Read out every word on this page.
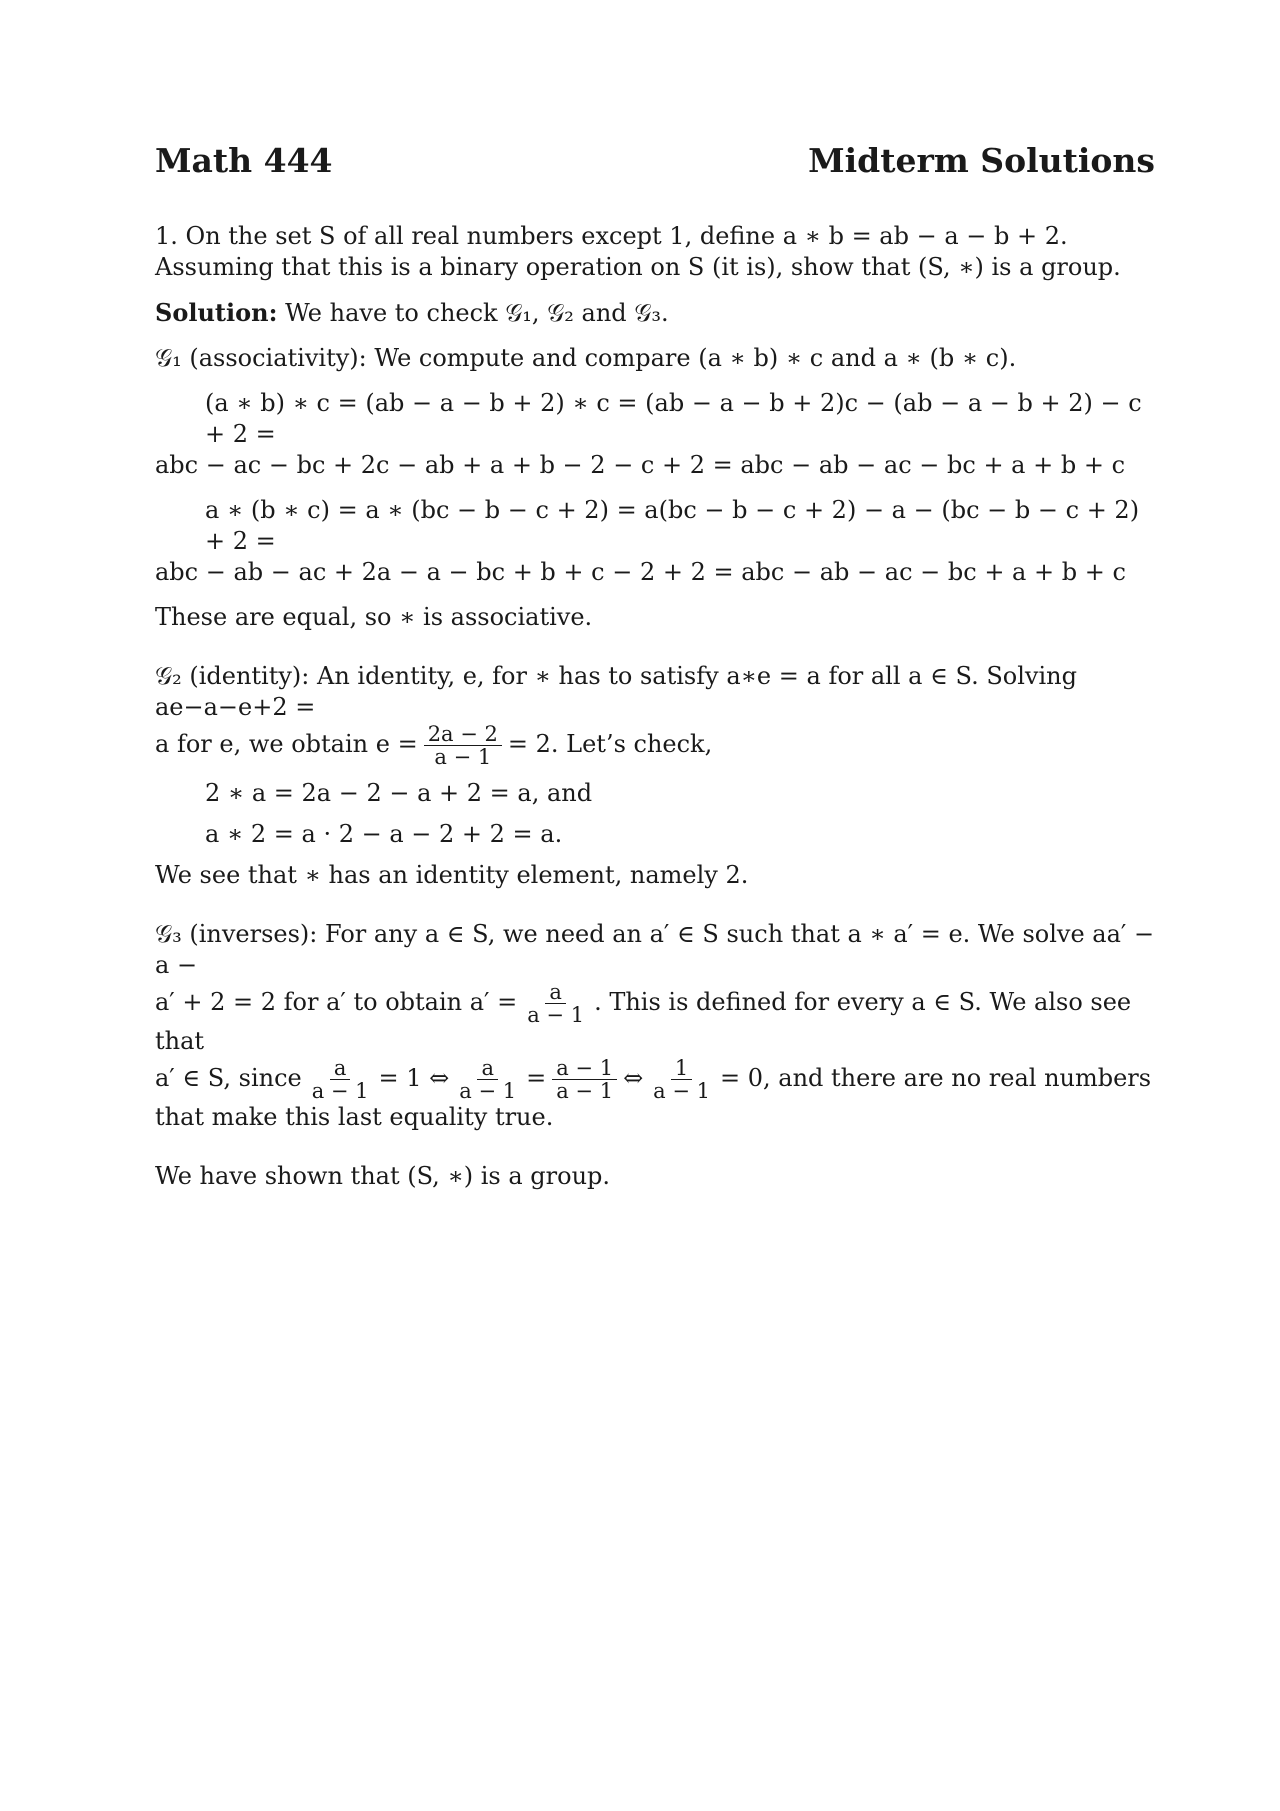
Math 444	Midterm Solutions

1. On the set S of all real numbers except 1, define a ∗ b = ab − a − b + 2. Assuming that this is a binary operation on S (it is), show that (S, ∗) is a group.

Solution: We have to check 𝒢₁, 𝒢₂ and 𝒢₃.

𝒢₁ (associativity): We compute and compare (a ∗ b) ∗ c and a ∗ (b ∗ c).

(a ∗ b) ∗ c = (ab − a − b + 2) ∗ c = (ab − a − b + 2)c − (ab − a − b + 2) − c + 2 =
abc − ac − bc + 2c − ab + a + b − 2 − c + 2 = abc − ab − ac − bc + a + b + c
a ∗ (b ∗ c) = a ∗ (bc − b − c + 2) = a(bc − b − c + 2) − a − (bc − b − c + 2) + 2 =
abc − ab − ac + 2a − a − bc + b + c − 2 + 2 = abc − ab − ac − bc + a + b + c

These are equal, so ∗ is associative.

𝒢₂ (identity): An identity, e, for ∗ has to satisfy a∗e = a for all a ∈ S. Solving ae−a−e+2 =
a for e, we obtain $e = \frac{2a - 2}{a - 1} = 2$. Let’s check,
2 ∗ a = 2a − 2 − a + 2 = a, and
a ∗ 2 = a · 2 − a − 2 + 2 = a.

We see that ∗ has an identity element, namely 2.

𝒢₃ (inverses): For any a ∈ S, we need an a′ ∈ S such that a ∗ a′ = e. We solve aa′ − a −
a′ + 2 = 2 for a′ to obtain $a' = \frac{a}{a - 1}$ . This is defined for every a ∈ S. We also see that
a′ ∈ S, since $\frac{a}{a - 1} = 1$ ⇔ $\frac{a}{a - 1} = \frac{a - 1}{a - 1}$ ⇔ $\frac{1}{a - 1} = 0$, and there are no real numbers
that make this last equality true.

We have shown that (S, ∗) is a group.
